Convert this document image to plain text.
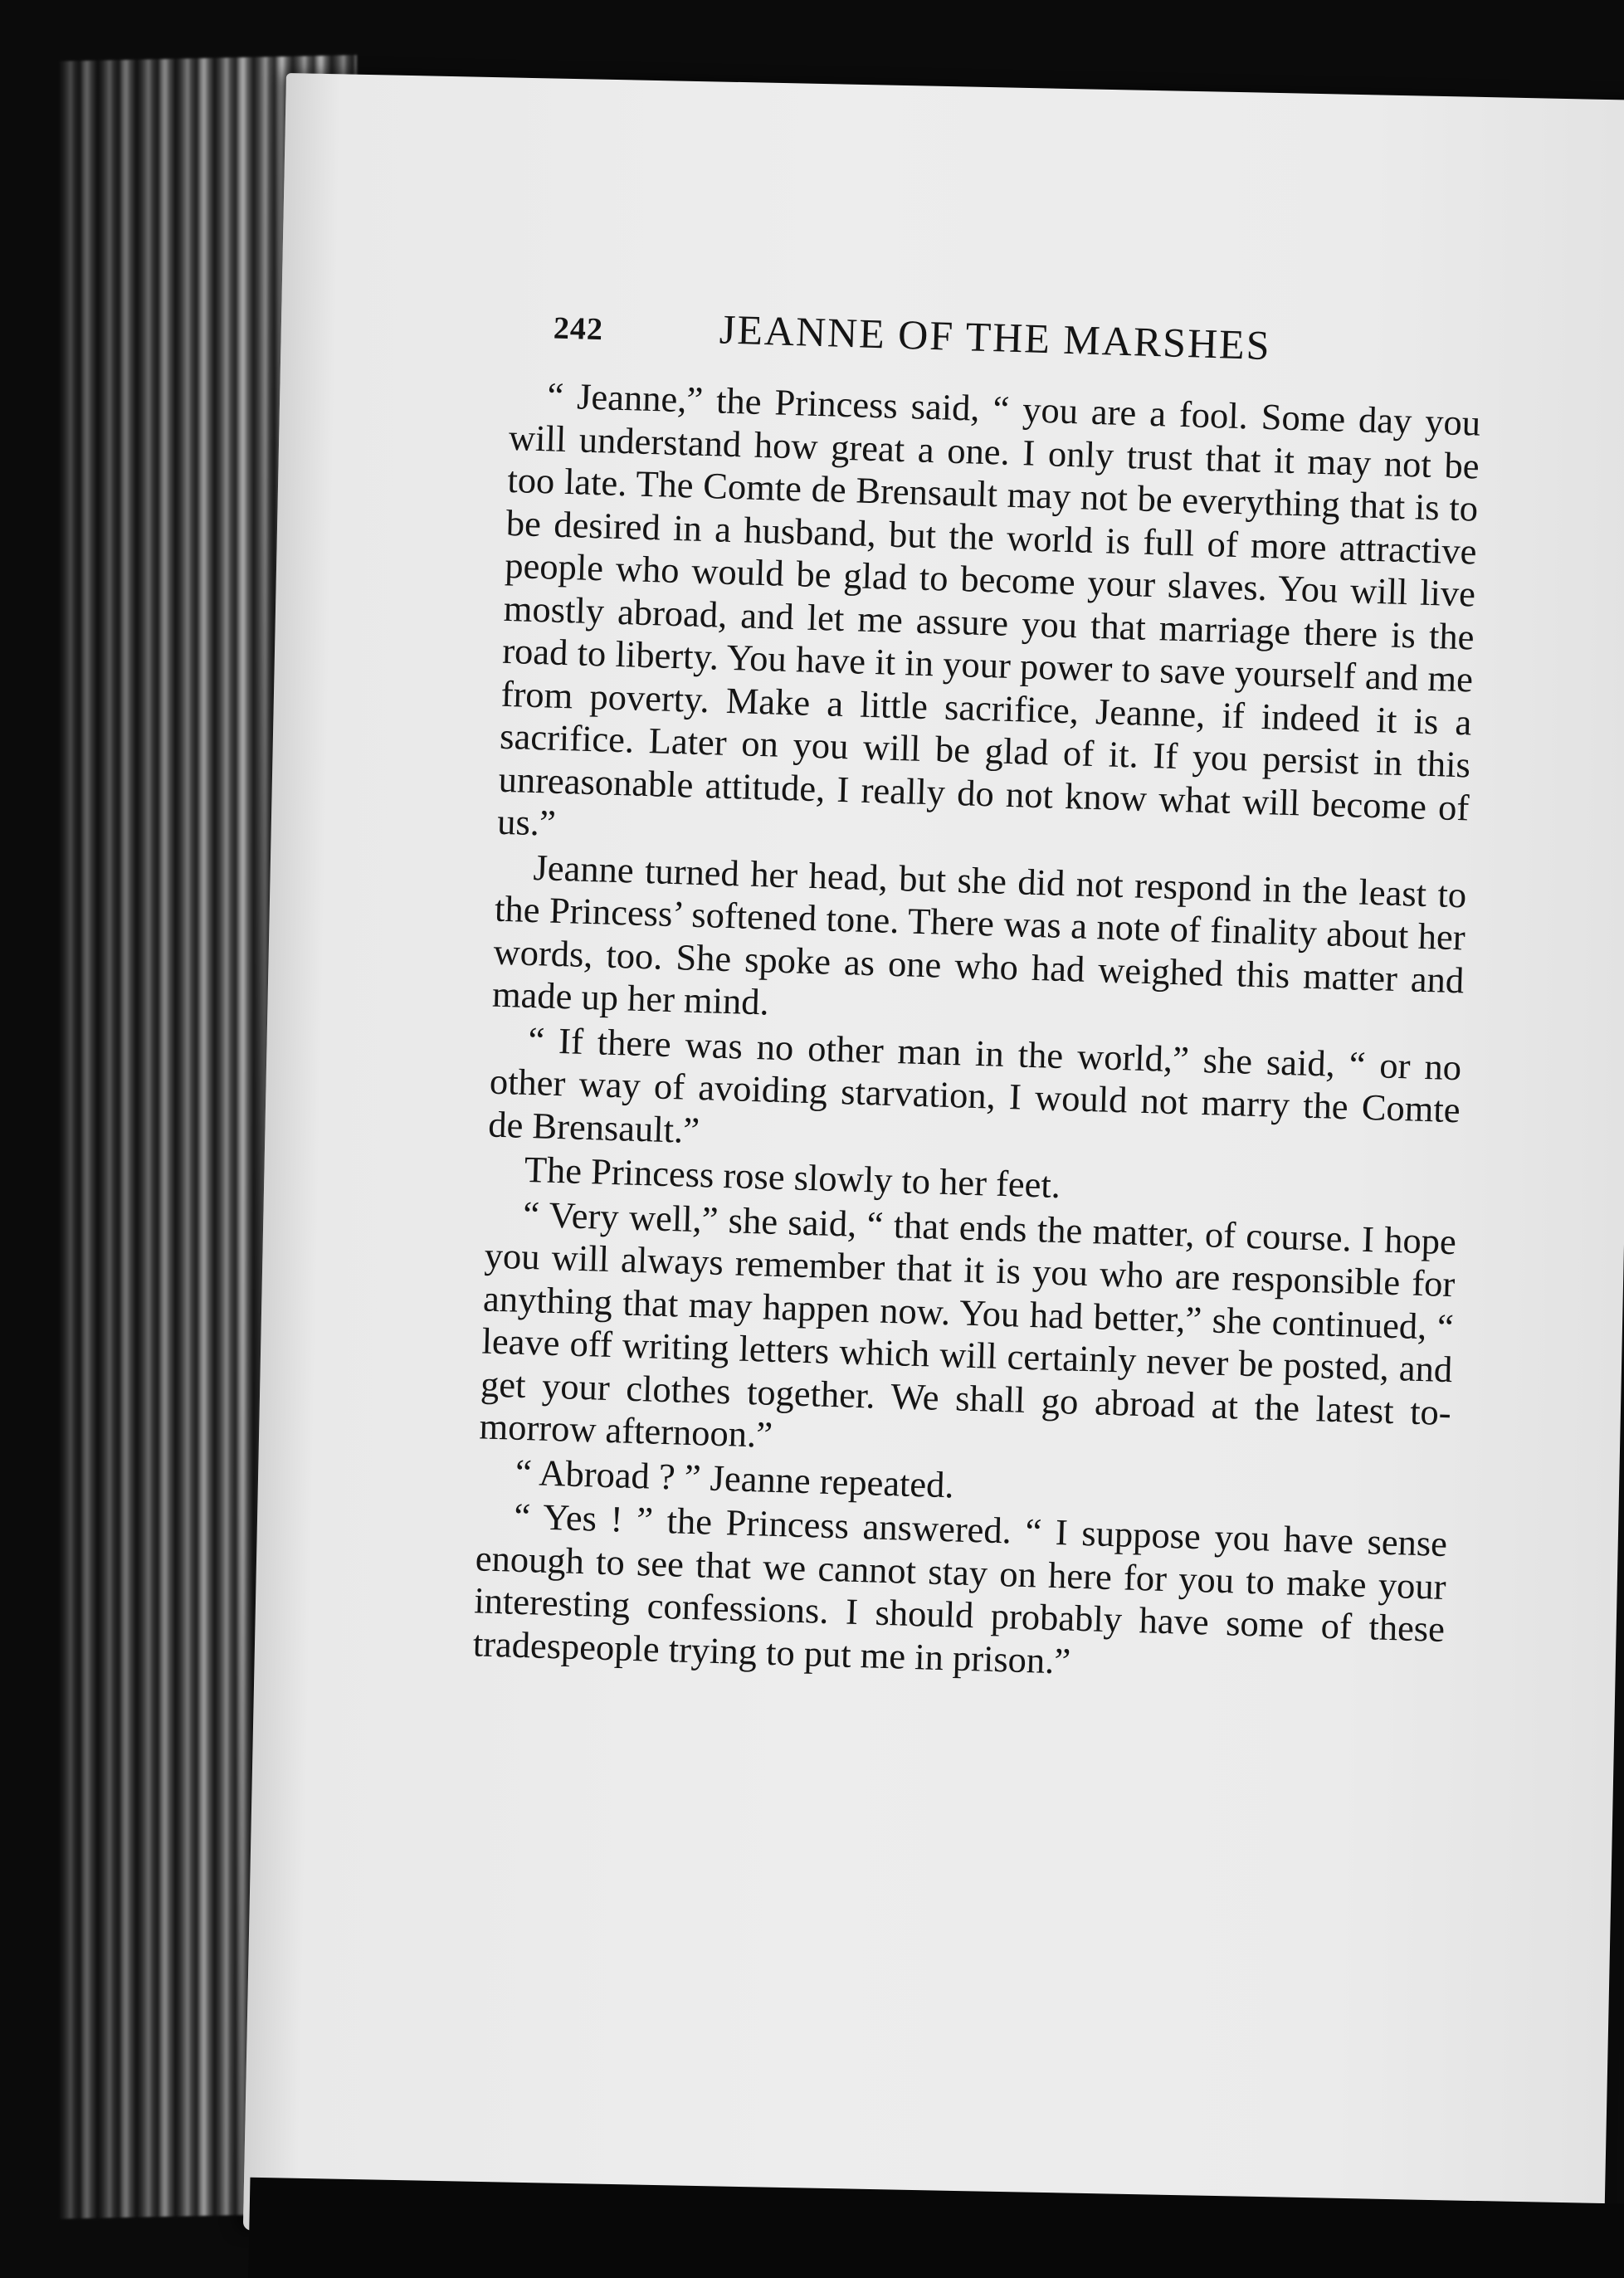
242	JEANNE OF THE MARSHES

“ Jeanne,” the Princess said, “ you are a fool. Some day you will understand how great a one. I only trust that it may not be too late. The Comte de Brensault may not be everything that is to be desired in a husband, but the world is full of more attractive people who would be glad to become your slaves. You will live mostly abroad, and let me assure you that marriage there is the road to liberty. You have it in your power to save yourself and me from poverty. Make a little sacrifice, Jeanne, if indeed it is a sacrifice. Later on you will be glad of it. If you persist in this unreasonable attitude, I really do not know what will become of us.”

Jeanne turned her head, but she did not respond in the least to the Princess’ softened tone. There was a note of finality about her words, too. She spoke as one who had weighed this matter and made up her mind.

“ If there was no other man in the world,” she said, “ or no other way of avoiding starvation, I would not marry the Comte de Brensault.”

The Princess rose slowly to her feet.

“ Very well,” she said, “ that ends the matter, of course. I hope you will always remember that it is you who are responsible for anything that may happen now. You had better,” she continued, “ leave off writing letters which will certainly never be posted, and get your clothes together. We shall go abroad at the latest to-morrow afternoon.”

“ Abroad ? ” Jeanne repeated.

“ Yes ! ” the Princess answered. “ I suppose you have sense enough to see that we cannot stay on here for you to make your interesting confessions. I should probably have some of these tradespeople trying to put me in prison.”
